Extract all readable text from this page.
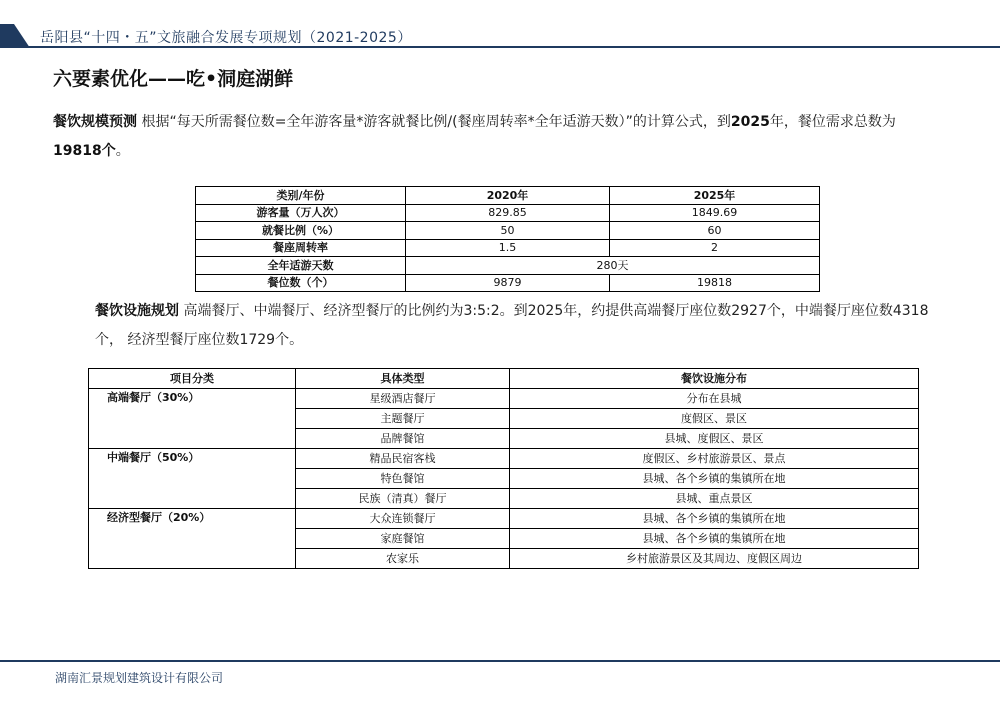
岳阳县“十四・五”文旅融合发展专项规划（2021-2025）
六要素优化——吃•洞庭湖鲜
餐饮规模预测 根据“每天所需餐位数=全年游客量*游客就餐比例/(餐座周转率*全年适游天数）”的计算公式，到2025年，餐位需求总数为19818个。
类别/年份	2020年	2025年
游客量（万人次）	829.85	1849.69
就餐比例（%）	50	60
餐座周转率	1.5	2
全年适游天数	280天	
餐位数（个）	9879	19818
餐饮设施规划 高端餐厅、中端餐厅、经济型餐厅的比例约为3:5:2。到2025年，约提供高端餐厅座位数2927个，中端餐厅座位数4318个， 经济型餐厅座位数1729个。
项目分类	具体类型	餐饮设施分布
高端餐厅（30%）	星级酒店餐厅	分布在县城
	主题餐厅	度假区、景区
	品牌餐馆	县城、度假区、景区
中端餐厅（50%）	精品民宿客栈	度假区、乡村旅游景区、景点
	特色餐馆	县城、各个乡镇的集镇所在地
	民族（清真）餐厅	县城、重点景区
经济型餐厅（20%）	大众连锁餐厅	县城、各个乡镇的集镇所在地
	家庭餐馆	县城、各个乡镇的集镇所在地
	农家乐	乡村旅游景区及其周边、度假区周边
湖南汇景规划建筑设计有限公司
